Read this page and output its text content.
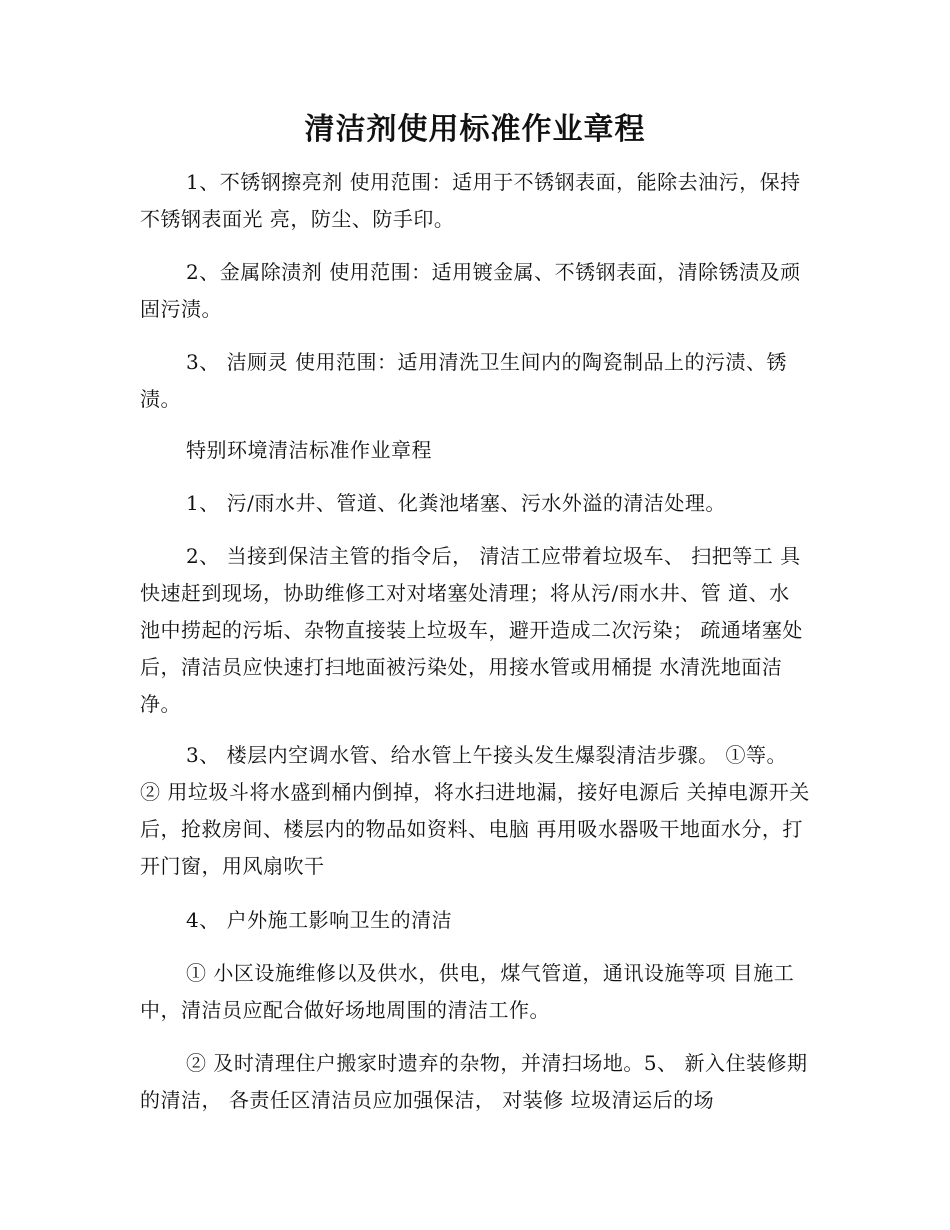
清洁剂使用标准作业章程

1、不锈钢擦亮剂 使用范围：适用于不锈钢表面，能除去油污，保持不锈钢表面光 亮，防尘、防手印。

2、金属除渍剂 使用范围：适用镀金属、不锈钢表面，清除锈渍及顽固污渍。

3、 洁厕灵 使用范围：适用清洗卫生间内的陶瓷制品上的污渍、锈渍。

特别环境清洁标准作业章程

1、 污/雨水井、管道、化粪池堵塞、污水外溢的清洁处理。

2、 当接到保洁主管的指令后， 清洁工应带着垃圾车、 扫把等工 具快速赶到现场，协助维修工对对堵塞处清理；将从污/雨水井、管 道、水池中捞起的污垢、杂物直接装上垃圾车，避开造成二次污染； 疏通堵塞处后，清洁员应快速打扫地面被污染处，用接水管或用桶提 水清洗地面洁净。

3、 楼层内空调水管、给水管上午接头发生爆裂清洁步骤。 ①等。 ② 用垃圾斗将水盛到桶内倒掉，将水扫进地漏，接好电源后 关掉电源开关后，抢救房间、楼层内的物品如资料、电脑 再用吸水器吸干地面水分，打开门窗，用风扇吹干

4、 户外施工影响卫生的清洁

① 小区设施维修以及供水，供电，煤气管道，通讯设施等项 目施工中，清洁员应配合做好场地周围的清洁工作。

② 及时清理住户搬家时遗弃的杂物，并清扫场地。5、 新入住装修期的清洁， 各责任区清洁员应加强保洁， 对装修 垃圾清运后的场
